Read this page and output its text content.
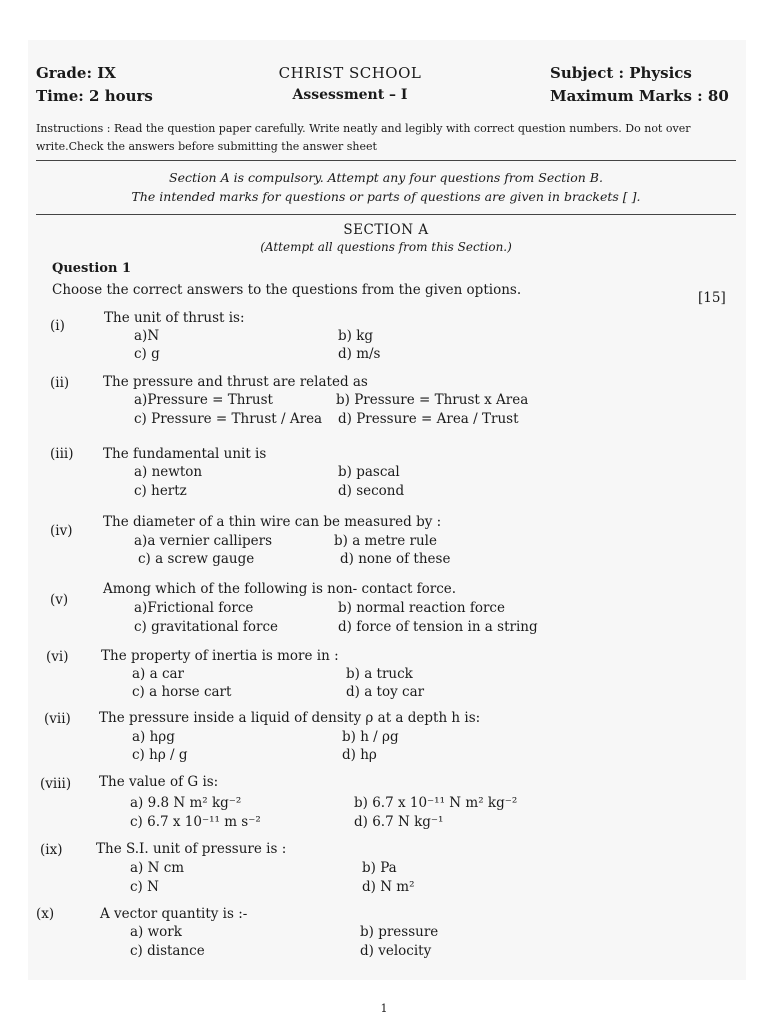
Grade: IX
Time: 2 hours
CHRIST SCHOOL
Assessment – I
Subject : Physics
Maximum Marks : 80
Instructions : Read the question paper carefully. Write neatly and legibly with correct question numbers. Do not over
write.Check the answers before submitting the answer sheet
Section A is compulsory. Attempt any four questions from Section B.
The intended marks for questions or parts of questions are given in brackets [ ].
SECTION A
(Attempt all questions from this Section.)
Question 1
Choose the correct answers to the questions from the given options.	[15]
(i)	The unit of thrust is:
a)N	b) kg
c) g	d) m/s
(ii)	The pressure and thrust are related as
a)Pressure = Thrust	b) Pressure = Thrust x Area
c) Pressure = Thrust / Area d) Pressure = Area / Trust
(iii) The fundamental unit is
a) newton	b) pascal
c) hertz	d) second
(iv)
The diameter of a thin wire can be measured by :
a)a vernier callipers	b) a metre rule
c) a screw gauge	d) none of these
(v)
Among which of the following is non- contact force.
a)Frictional force	b) normal reaction force
c) gravitational force	d) force of tension in a string
(vi) The property of inertia is more in :
a) a car	b) a truck
c) a horse cart	d) a toy car
(vii) The pressure inside a liquid of density ρ at a depth h is:
a) hρg	b) h / ρg
c) hρ / g	d) hρ
(viii) The value of G is:
a) 9.8 N m² kg⁻²	b) 6.7 x 10⁻¹¹ N m² kg⁻²
c) 6.7 x 10⁻¹¹ m s⁻²	d) 6.7 N kg⁻¹
(ix) The S.I. unit of pressure is :
a) N cm	b) Pa
c) N	d) N m²
(x)	A vector quantity is :-
a) work	b) pressure
c) distance	d) velocity
1
